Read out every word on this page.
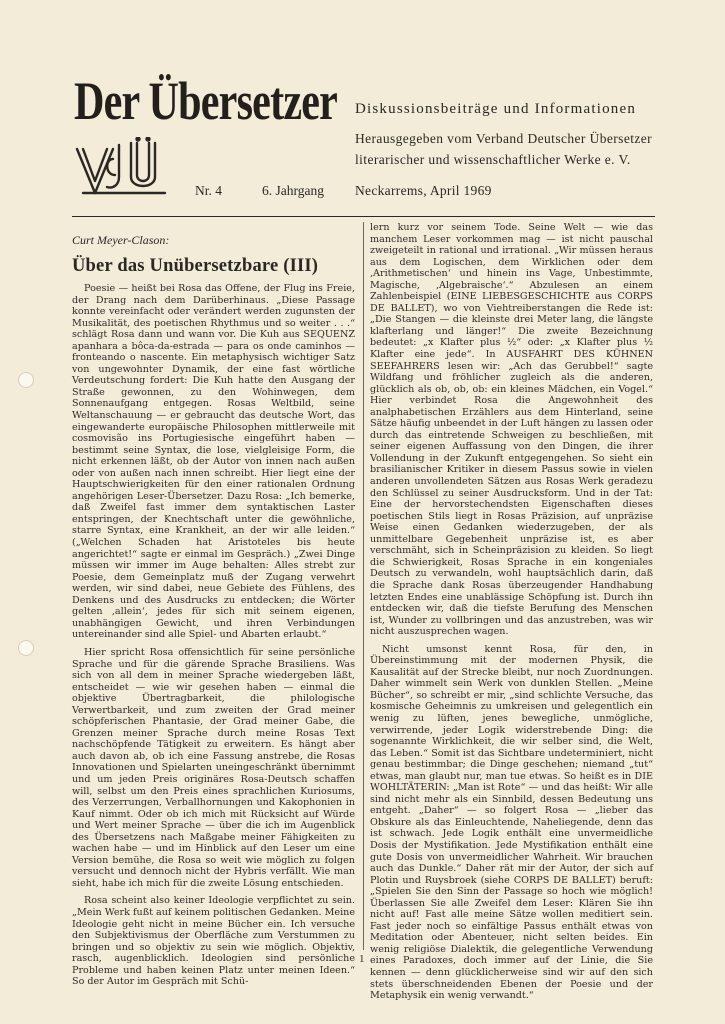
Der Übersetzer Diskussionsbeiträge und Informationen
Herausgegeben vom Verband Deutscher Übersetzer
literarischer und wissenschaftlicher Werke e. V.
Nr. 4	6. Jahrgang Neckarrems, April 1969
Curt Meyer-Clason:
Über das Unübersetzbare (III)

Poesie — heißt bei Rosa das Offene, der Flug ins Freie, der Drang nach dem Darüberhinaus. „Diese Passage konnte vereinfacht oder verändert werden zugunsten der Musikalität, des poetischen Rhythmus und so weiter . . .“ schlägt Rosa dann und wann vor. Die Kuh aus SEQUENZ apanhara a bôca-da-estrada — para os onde caminhos — fronteando o nascente. Ein metaphysisch wichtiger Satz von ungewohnter Dynamik, der eine fast wörtliche Verdeutschung fordert: Die Kuh hatte den Ausgang der Straße gewonnen, zu den Wohinwegen, dem Sonnenaufgang entgegen. Rosas Weltbild, seine Weltanschauung — er gebraucht das deutsche Wort, das eingewanderte europäische Philosophen mittlerweile mit cosmovisão ins Portugiesische eingeführt haben — bestimmt seine Syntax, die lose, vielgleisige Form, die nicht erkennen läßt, ob der Autor von innen nach außen oder von außen nach innen schreibt. Hier liegt eine der Hauptschwierigkeiten für den einer rationalen Ordnung angehörigen Leser-Übersetzer. Dazu Rosa: „Ich bemerke, daß Zweifel fast immer dem syntaktischen Laster entspringen, der Knechtschaft unter die gewöhnliche, starre Syntax, eine Krankheit, an der wir alle leiden.“ („Welchen Schaden hat Aristoteles bis heute angerichtet!“ sagte er einmal im Gespräch.) „Zwei Dinge müssen wir immer im Auge behalten: Alles strebt zur Poesie, dem Gemeinplatz muß der Zugang verwehrt werden, wir sind dabei, neue Gebiete des Fühlens, des Denkens und des Ausdrucks zu entdecken; die Wörter gelten ‚allein‘, jedes für sich mit seinem eigenen, unabhängigen Gewicht, und ihren Verbindungen untereinander sind alle Spiel- und Abarten erlaubt.“

Hier spricht Rosa offensichtlich für seine persönliche Sprache und für die gärende Sprache Brasiliens. Was sich von all dem in meiner Sprache wiedergeben läßt, entscheidet — wie wir gesehen haben — einmal die objektive Übertragbarkeit, die philologische Verwertbarkeit, und zum zweiten der Grad meiner schöpferischen Phantasie, der Grad meiner Gabe, die Grenzen meiner Sprache durch meine Rosas Text nachschöpfende Tätigkeit zu erweitern. Es hängt aber auch davon ab, ob ich eine Fassung anstrebe, die Rosas Innovationen und Spielarten uneingeschränkt übernimmt und um jeden Preis originäres Rosa-Deutsch schaffen will, selbst um den Preis eines sprachlichen Kuriosums, des Verzerrungen, Verballhornungen und Kakophonien in Kauf nimmt. Oder ob ich mich mit Rücksicht auf Würde und Wert meiner Sprache — über die ich im Augenblick des Übersetzens nach Maßgabe meiner Fähigkeiten zu wachen habe — und im Hinblick auf den Leser um eine Version bemühe, die Rosa so weit wie möglich zu folgen versucht und dennoch nicht der Hybris verfällt. Wie man sieht, habe ich mich für die zweite Lösung entschieden.

Rosa scheint also keiner Ideologie verpflichtet zu sein. „Mein Werk fußt auf keinem politischen Gedanken. Meine Ideologie geht nicht in meine Bücher ein. Ich versuche den Subjektivismus der Oberfläche zum Verstummen zu bringen und so objektiv zu sein wie möglich. Objektiv, rasch, augenblicklich. Ideologien sind persönliche Probleme und haben keinen Platz unter meinen Ideen.“ So der Autor im Gespräch mit Schü-

lern kurz vor seinem Tode. Seine Welt — wie das manchem Leser vorkommen mag — ist nicht pauschal zweigeteilt in rational und irrational. „Wir müssen heraus aus dem Logischen, dem Wirklichen oder dem ‚Arithmetischen‘ und hinein ins Vage, Unbestimmte, Magische, ‚Algebraische‘.“ Abzulesen an einem Zahlenbeispiel (EINE LIEBESGESCHICHTE aus CORPS DE BALLET), wo von Viehtreiberstangen die Rede ist: „Die Stangen — die kleinste drei Meter lang, die längste klafterlang und länger!“ Die zweite Bezeichnung bedeutet: „x Klafter plus ½“ oder: „x Klafter plus ½ Klafter eine jede“. In AUSFAHRT DES KÜHNEN SEEFAHRERS lesen wir: „Ach das Gerubbel!“ sagte Wildfang und fröhlicher zugleich als die anderen, glücklich als ob, ob, ob: ein kleines Mädchen, ein Vogel.“ Hier verbindet Rosa die Angewohnheit des analphabetischen Erzählers aus dem Hinterland, seine Sätze häufig unbeendet in der Luft hängen zu lassen oder durch das eintretende Schweigen zu beschließen, mit seiner eigenen Auffassung von den Dingen, die ihrer Vollendung in der Zukunft entgegengehen. So sieht ein brasilianischer Kritiker in diesem Passus sowie in vielen anderen unvollendeten Sätzen aus Rosas Werk geradezu den Schlüssel zu seiner Ausdrucksform. Und in der Tat: Eine der hervorstechendsten Eigenschaften dieses poetischen Stils liegt in Rosas Präzision, auf unpräzise Weise einen Gedanken wiederzugeben, der als unmittelbare Gegebenheit unpräzise ist, es aber verschmäht, sich in Scheinpräzision zu kleiden. So liegt die Schwierigkeit, Rosas Sprache in ein kongeniales Deutsch zu verwandeln, wohl hauptsächlich darin, daß die Sprache dank Rosas überzeugender Handhabung letzten Endes eine unablässige Schöpfung ist. Durch ihn entdecken wir, daß die tiefste Berufung des Menschen ist, Wunder zu vollbringen und das anzustreben, was wir nicht auszusprechen wagen.

Nicht umsonst kennt Rosa, für den, in Übereinstimmung mit der modernen Physik, die Kausalität auf der Strecke bleibt, nur noch Zuordnungen. Daher wimmelt sein Werk von dunklen Stellen. „Meine Bücher“, so schreibt er mir, „sind schlichte Versuche, das kosmische Geheimnis zu umkreisen und gelegentlich ein wenig zu lüften, jenes bewegliche, unmögliche, verwirrende, jeder Logik widerstrebende Ding: die sogenannte Wirklichkeit, die wir selber sind, die Welt, das Leben.“ Somit ist das Sichtbare undeterminiert, nicht genau bestimmbar; die Dinge geschehen; niemand „tut“ etwas, man glaubt nur, man tue etwas. So heißt es in DIE WOHLTÄTERIN: „Man ist Rote“ — und das heißt: Wir alle sind nicht mehr als ein Sinnbild, dessen Bedeutung uns entgeht. „Daher“ — so folgert Rosa — „lieber das Obskure als das Einleuchtende, Naheliegende, denn das ist schwach. Jede Logik enthält eine unvermeidliche Dosis der Mystifikation. Jede Mystifikation enthält eine gute Dosis von unvermeidlicher Wahrheit. Wir brauchen auch das Dunkle.“ Daher rät mir der Autor, der sich auf Plotin und Ruysbroek (siehe CORPS DE BALLET) beruft: „Spielen Sie den Sinn der Passage so hoch wie möglich! Überlassen Sie alle Zweifel dem Leser: Klären Sie ihn nicht auf! Fast alle meine Sätze wollen meditiert sein. Fast jeder noch so einfältige Passus enthält etwas von Meditation oder Abenteuer, nicht selten beides. Ein wenig religiöse Dialektik, die gelegentliche Verwendung eines Paradoxes, doch immer auf der Linie, die Sie kennen — denn glücklicherweise sind wir auf den sich stets überschneidenden Ebenen der Poesie und der Metaphysik ein wenig verwandt.“

1
